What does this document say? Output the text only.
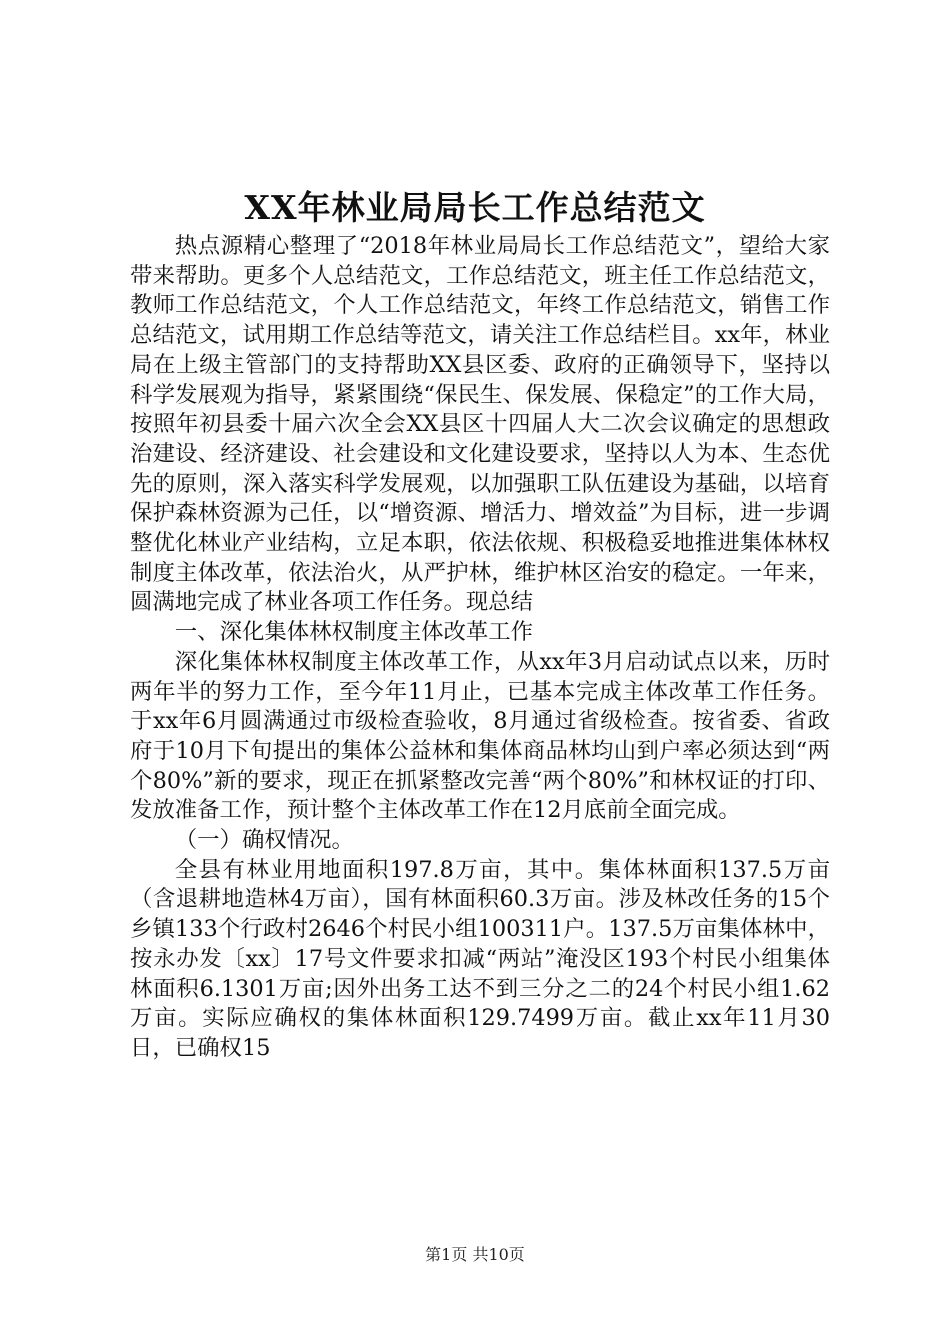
XX年林业局局长工作总结范文

热点源精心整理了“2018年林业局局长工作总结范文”，望给大家带来帮助。更多个人总结范文，工作总结范文，班主任工作总结范文，教师工作总结范文，个人工作总结范文，年终工作总结范文，销售工作总结范文，试用期工作总结等范文，请关注工作总结栏目。xx年，林业局在上级主管部门的支持帮助XX县区委、政府的正确领导下，坚持以科学发展观为指导，紧紧围绕“保民生、保发展、保稳定”的工作大局，按照年初县委十届六次全会XX县区十四届人大二次会议确定的思想政治建设、经济建设、社会建设和文化建设要求，坚持以人为本、生态优先的原则，深入落实科学发展观，以加强职工队伍建设为基础，以培育保护森林资源为己任，以“增资源、增活力、增效益”为目标，进一步调整优化林业产业结构，立足本职，依法依规、积极稳妥地推进集体林权制度主体改革，依法治火，从严护林，维护林区治安的稳定。一年来，圆满地完成了林业各项工作任务。现总结

一、深化集体林权制度主体改革工作

深化集体林权制度主体改革工作，从xx年3月启动试点以来，历时两年半的努力工作，至今年11月止，已基本完成主体改革工作任务。于xx年6月圆满通过市级检查验收，8月通过省级检查。按省委、省政府于10月下旬提出的集体公益林和集体商品林均山到户率必须达到“两个80%”新的要求，现正在抓紧整改完善“两个80%”和林权证的打印、发放准备工作，预计整个主体改革工作在12月底前全面完成。

（一）确权情况。

全县有林业用地面积197.8万亩，其中。集体林面积137.5万亩（含退耕地造林4万亩），国有林面积60.3万亩。涉及林改任务的15个乡镇133个行政村2646个村民小组100311户。137.5万亩集体林中，按永办发〔xx〕17号文件要求扣减“两站”淹没区193个村民小组集体林面积6.1301万亩;因外出务工达不到三分之二的24个村民小组1.62万亩。实际应确权的集体林面积129.7499万亩。截止xx年11月30日，已确权15

第1页 共10页
